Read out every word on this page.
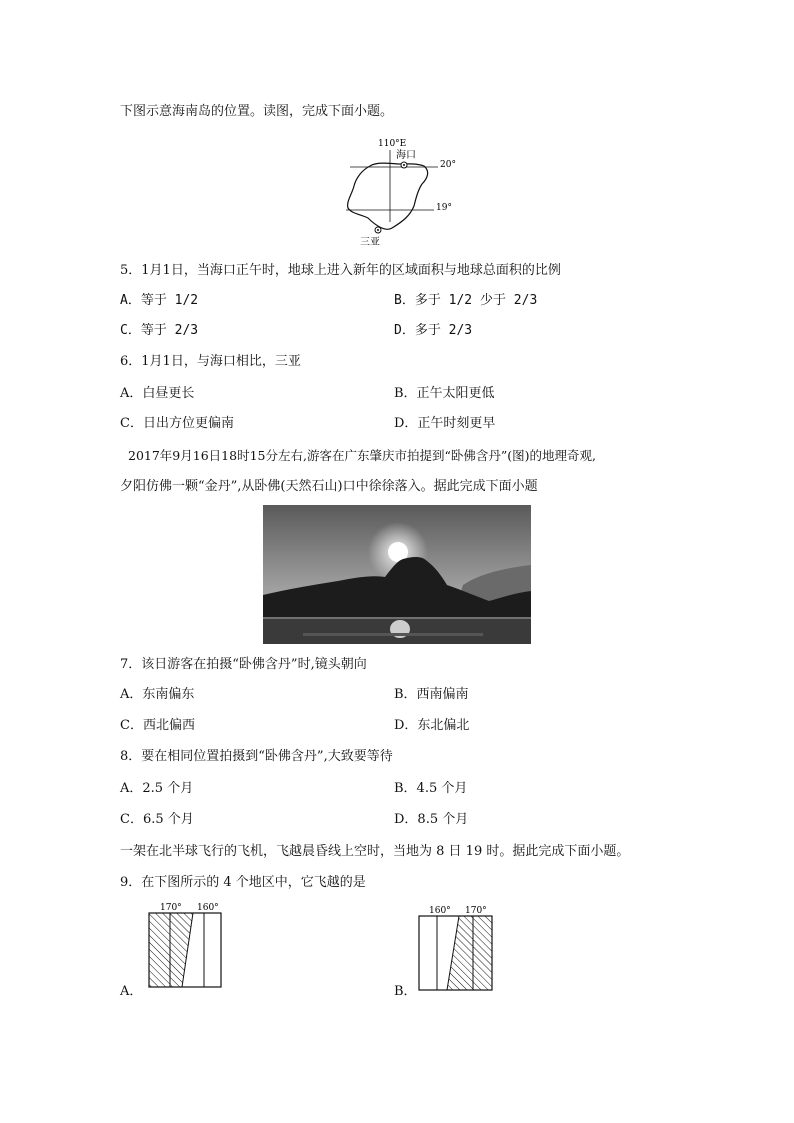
下图示意海南岛的位置。读图，完成下面小题。
110°E
20°
19°
海口
三亚
5．1月1日，当海口正午时，地球上进入新年的区域面积与地球总面积的比例
A．等于 1/2	B．多于 1/2 少于 2/3
C．等于 2/3	D．多于 2/3
6．1月1日，与海口相比，三亚
A．白昼更长	B．正午太阳更低
C．日出方位更偏南	D．正午时刻更早
2017年9月16日18时15分左右,游客在广东肇庆市拍提到“卧佛含丹”(图)的地理奇观,
夕阳仿佛一颗“金丹”,从卧佛(天然石山)口中徐徐落入。据此完成下面小题
7．该日游客在拍摄“卧佛含丹”时,镜头朝向
A．东南偏东	B．西南偏南
C．西北偏西	D．东北偏北
8．要在相同位置拍摄到“卧佛含丹”,大致要等待
A．2.5 个月	B．4.5 个月
C．6.5 个月	D．8.5 个月
一架在北半球飞行的飞机，飞越晨昏线上空时，当地为 8 日 19 时。据此完成下面小题。
9．在下图所示的 4 个地区中，它飞越的是
170° 160°
A．
160° 170°
B．
